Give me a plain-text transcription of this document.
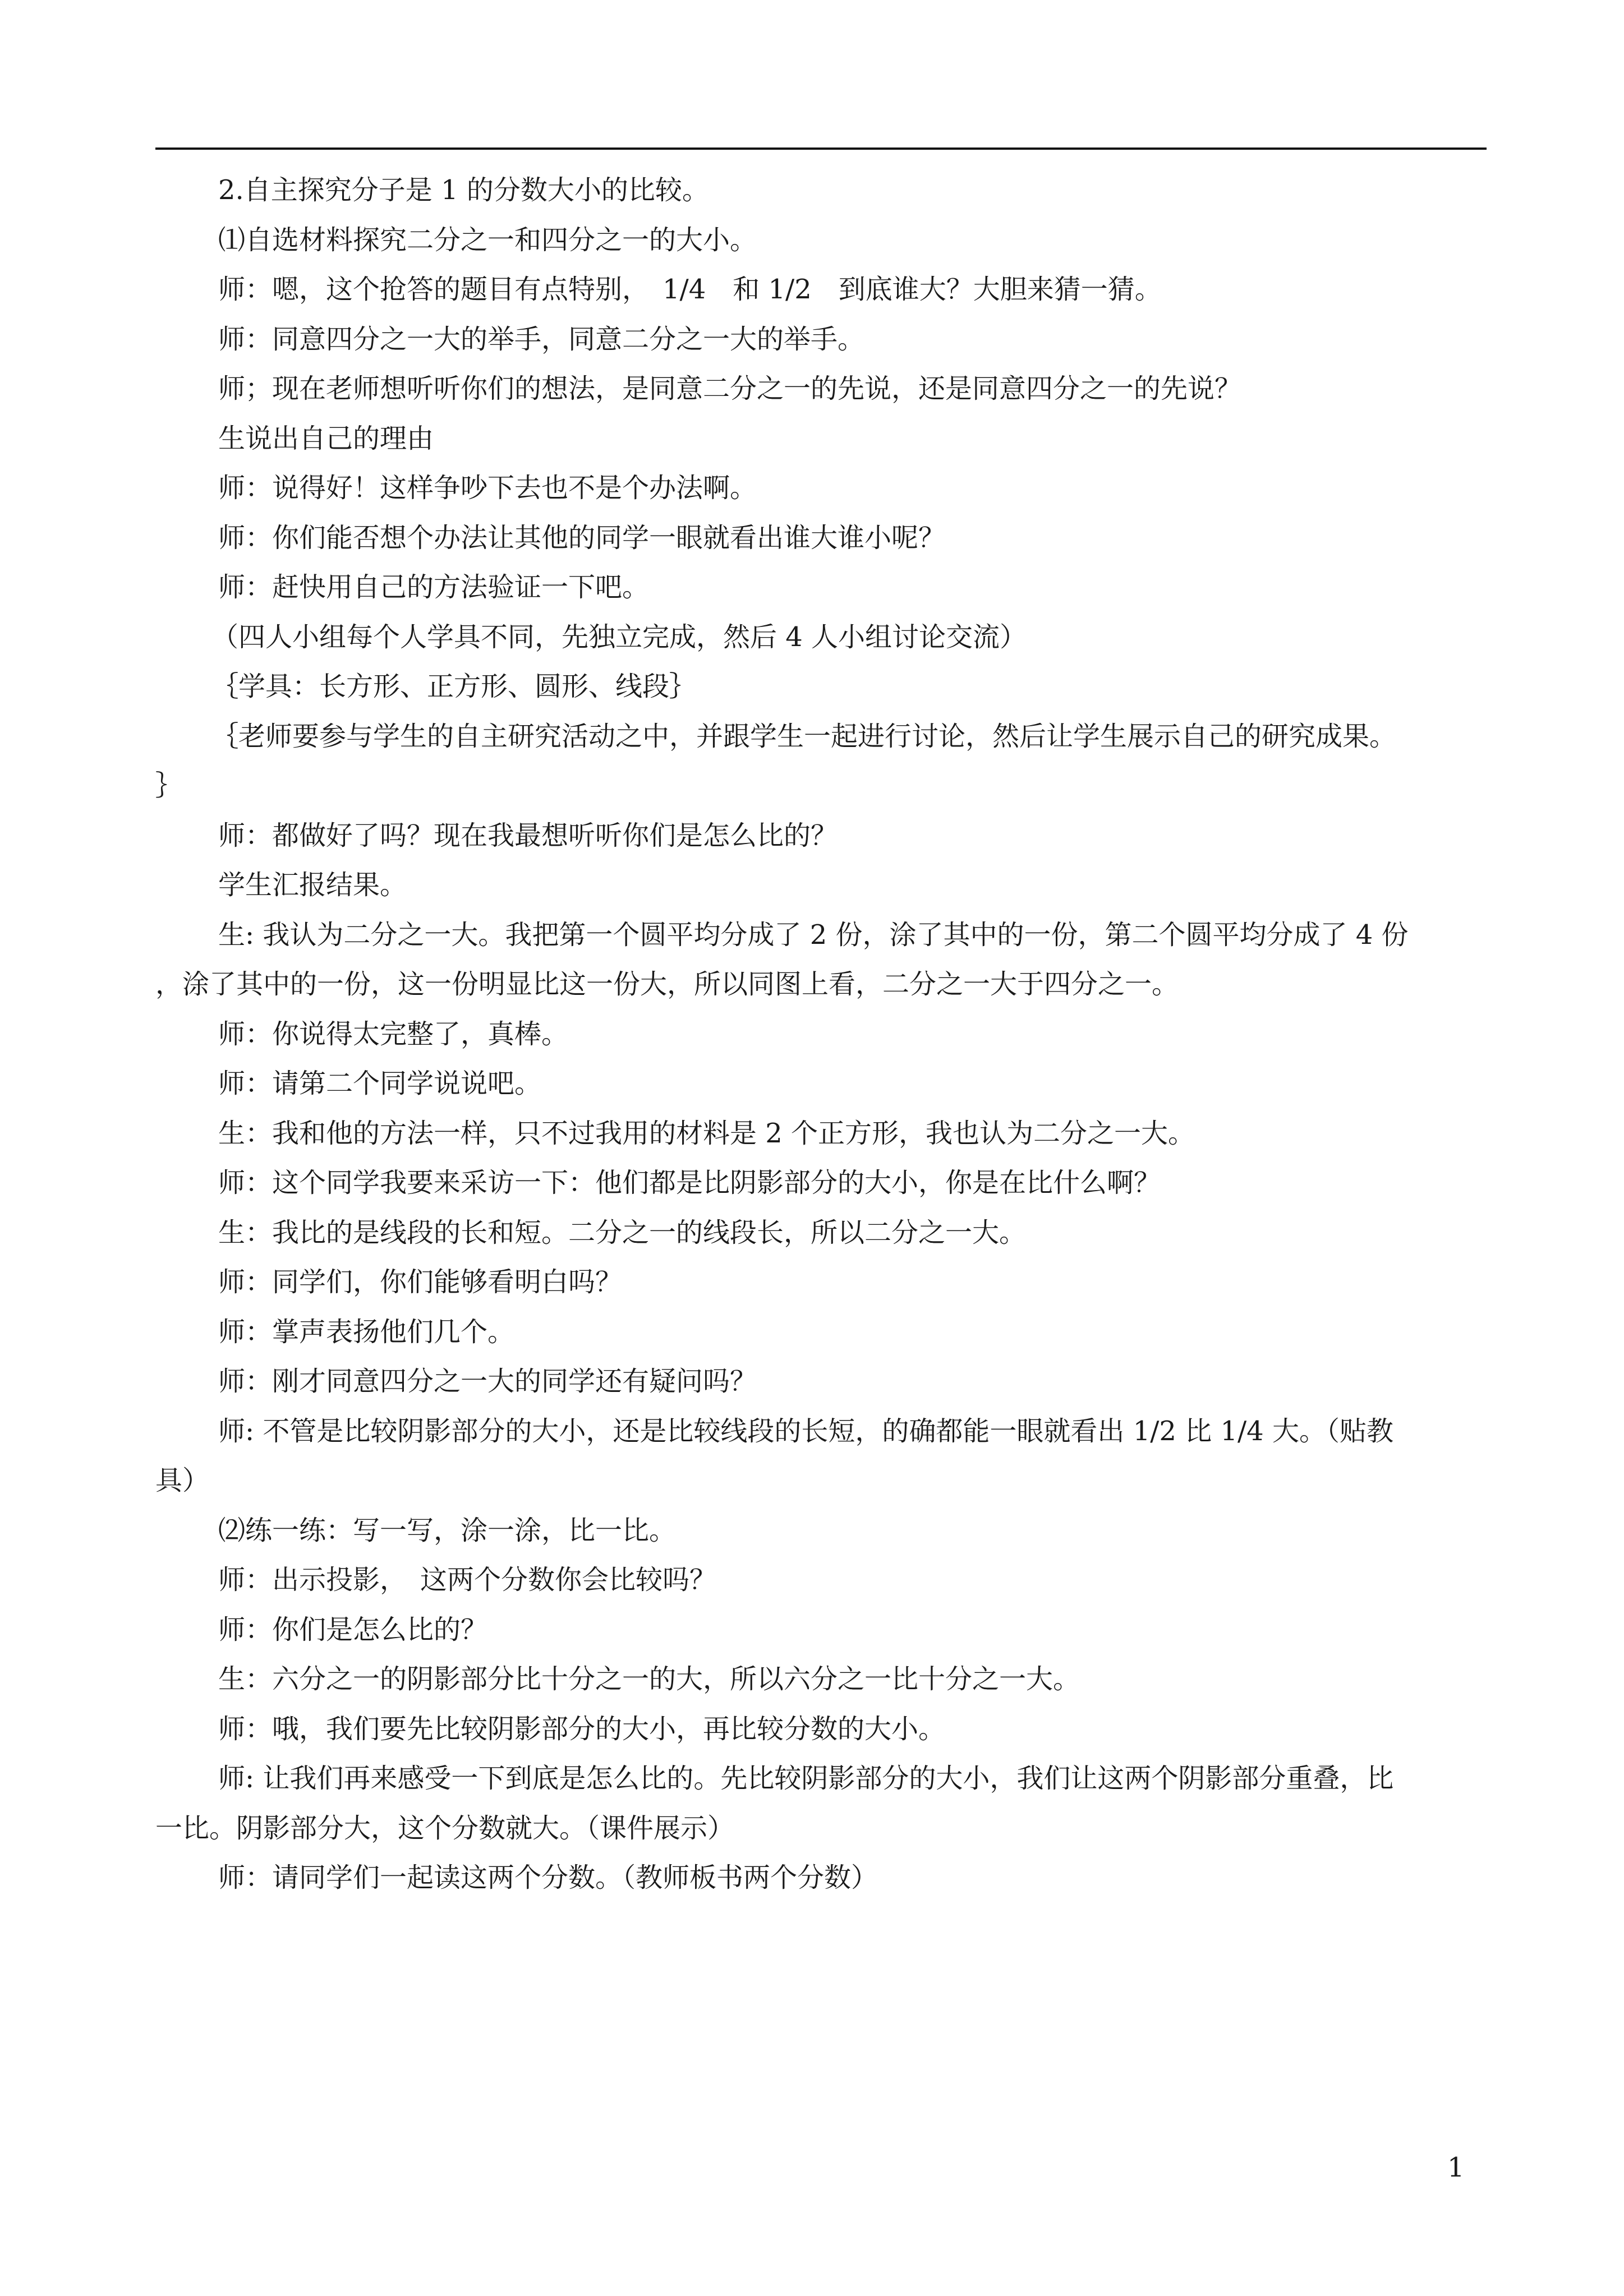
2.自主探究分子是 1 的分数大小的比较。
⑴自选材料探究二分之一和四分之一的大小。
师：嗯，这个抢答的题目有点特别，　1/4　和 1/2　到底谁大？大胆来猜一猜。
师：同意四分之一大的举手，同意二分之一大的举手。
师；现在老师想听听你们的想法，是同意二分之一的先说，还是同意四分之一的先说？
生说出自己的理由
师：说得好！这样争吵下去也不是个办法啊。
师：你们能否想个办法让其他的同学一眼就看出谁大谁小呢？
师：赶快用自己的方法验证一下吧。
（四人小组每个人学具不同，先独立完成，然后 4 人小组讨论交流）
｛学具：长方形、正方形、圆形、线段｝
｛老师要参与学生的自主研究活动之中，并跟学生一起进行讨论，然后让学生展示自己的研究成果。
｝
师：都做好了吗？现在我最想听听你们是怎么比的？
学生汇报结果。
生: 我认为二分之一大。我把第一个圆平均分成了 2 份，涂了其中的一份，第二个圆平均分成了 4 份
，涂了其中的一份，这一份明显比这一份大，所以同图上看，二分之一大于四分之一。
师：你说得太完整了，真棒。
师：请第二个同学说说吧。
生：我和他的方法一样，只不过我用的材料是 2 个正方形，我也认为二分之一大。
师：这个同学我要来采访一下：他们都是比阴影部分的大小，你是在比什么啊？
生：我比的是线段的长和短。二分之一的线段长，所以二分之一大。
师：同学们，你们能够看明白吗？
师：掌声表扬他们几个。
师：刚才同意四分之一大的同学还有疑问吗？
师: 不管是比较阴影部分的大小，还是比较线段的长短，的确都能一眼就看出 1/2 比 1/4 大。（贴教
具）
⑵练一练：写一写，涂一涂，比一比。
师：出示投影，　这两个分数你会比较吗？
师：你们是怎么比的？
生：六分之一的阴影部分比十分之一的大，所以六分之一比十分之一大。
师：哦，我们要先比较阴影部分的大小，再比较分数的大小。
师: 让我们再来感受一下到底是怎么比的。先比较阴影部分的大小，我们让这两个阴影部分重叠，比
一比。阴影部分大，这个分数就大。（课件展示）
师：请同学们一起读这两个分数。（教师板书两个分数）
1
